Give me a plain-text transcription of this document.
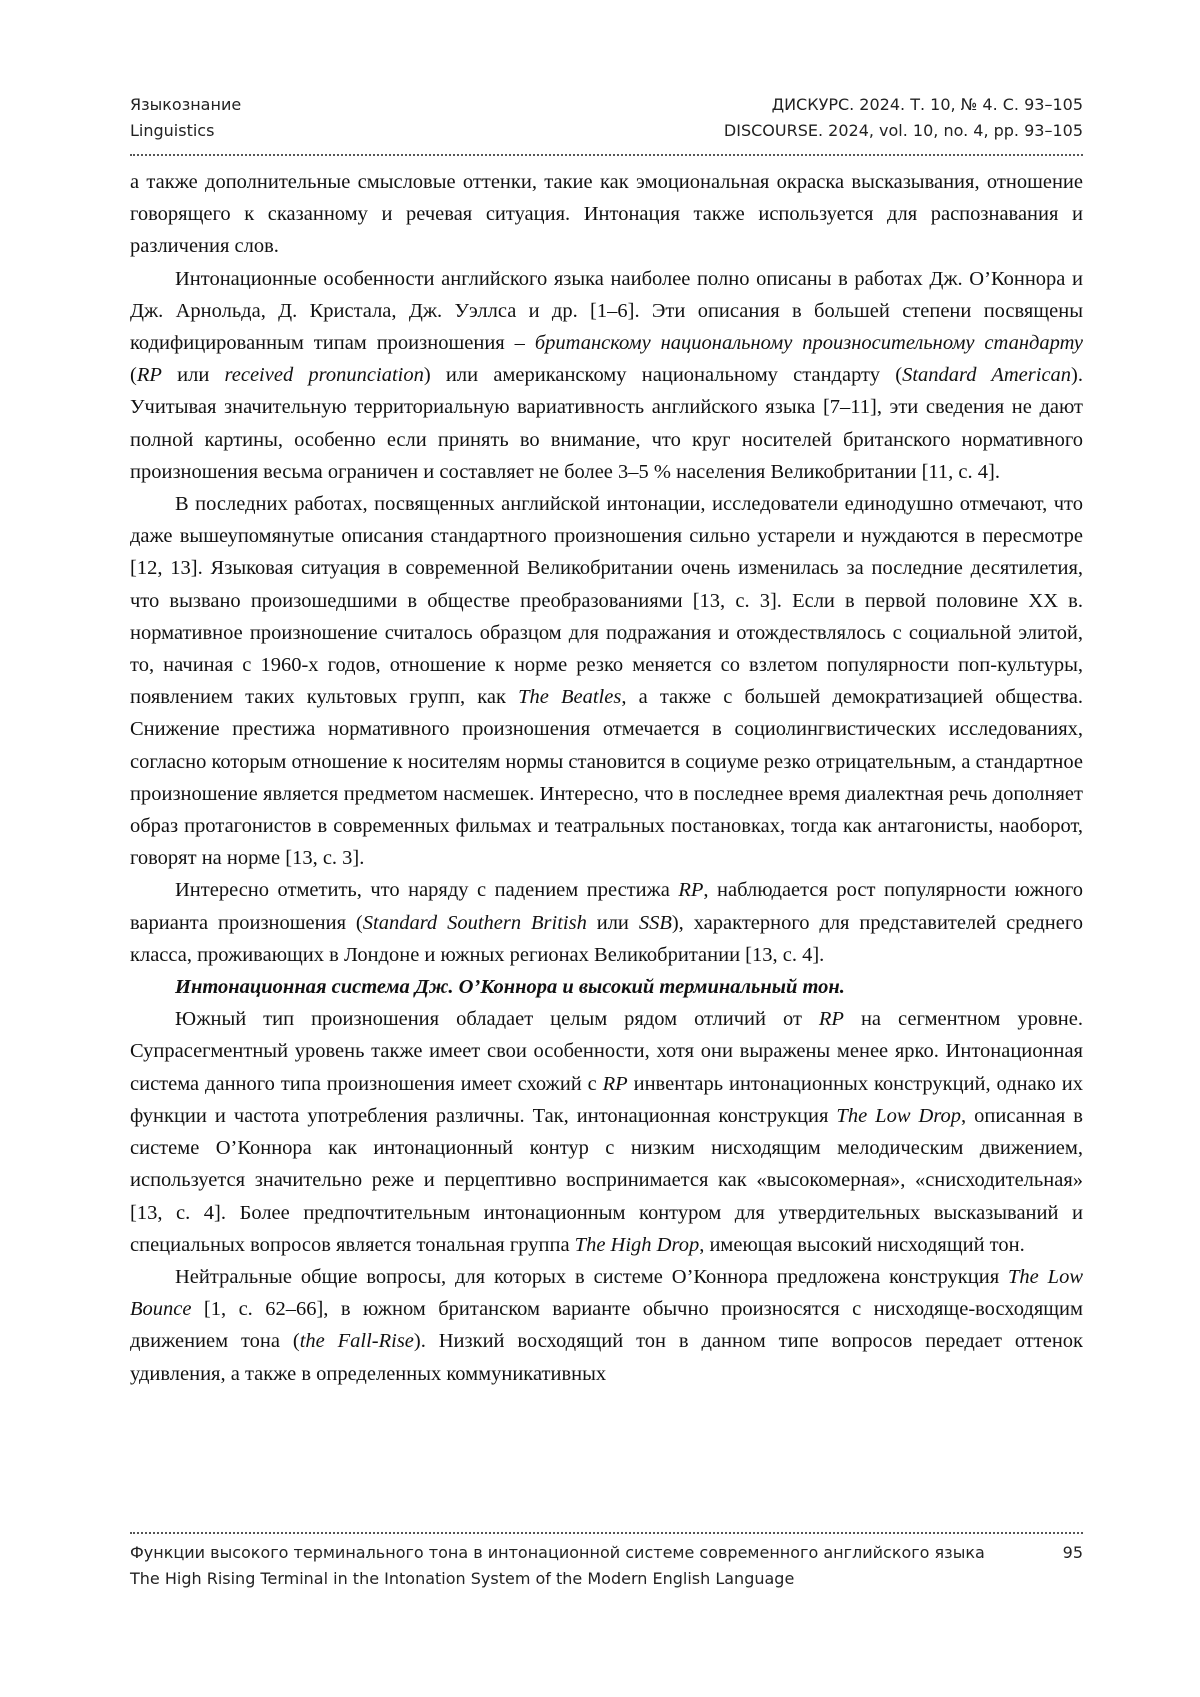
Языкознание
Linguistics
ДИСКУРС. 2024. Т. 10, № 4. С. 93–105
DISCOURSE. 2024, vol. 10, no. 4, pp. 93–105

а также дополнительные смысловые оттенки, такие как эмоциональная окраска высказывания, отношение говорящего к сказанному и речевая ситуация. Интонация также используется для распознавания и различения слов.

Интонационные особенности английского языка наиболее полно описаны в работах Дж. О’Коннора и Дж. Арнольда, Д. Кристала, Дж. Уэллса и др. [1–6]. Эти описания в большей степени посвящены кодифицированным типам произношения – британскому национальному произносительному стандарту (RP или received pronunciation) или американскому национальному стандарту (Standard American). Учитывая значительную территориальную вариативность английского языка [7–11], эти сведения не дают полной картины, особенно если принять во внимание, что круг носителей британского нормативного произношения весьма ограничен и составляет не более 3–5 % населения Великобритании [11, с. 4].

В последних работах, посвященных английской интонации, исследователи единодушно отмечают, что даже вышеупомянутые описания стандартного произношения сильно устарели и нуждаются в пересмотре [12, 13]. Языковая ситуация в современной Великобритании очень изменилась за последние десятилетия, что вызвано произошедшими в обществе преобразованиями [13, с. 3]. Если в первой половине XX в. нормативное произношение считалось образцом для подражания и отождествлялось с социальной элитой, то, начиная с 1960-х годов, отношение к норме резко меняется со взлетом популярности поп-культуры, появлением таких культовых групп, как The Beatles, а также с большей демократизацией общества. Снижение престижа нормативного произношения отмечается в социолингвистических исследованиях, согласно которым отношение к носителям нормы становится в социуме резко отрицательным, а стандартное произношение является предметом насмешек. Интересно, что в последнее время диалектная речь дополняет образ протагонистов в современных фильмах и театральных постановках, тогда как антагонисты, наоборот, говорят на норме [13, с. 3].

Интересно отметить, что наряду с падением престижа RP, наблюдается рост популярности южного варианта произношения (Standard Southern British или SSB), характерного для представителей среднего класса, проживающих в Лондоне и южных регионах Великобритании [13, с. 4].

Интонационная система Дж. О’Коннора и высокий терминальный тон.

Южный тип произношения обладает целым рядом отличий от RP на сегментном уровне. Супрасегментный уровень также имеет свои особенности, хотя они выражены менее ярко. Интонационная система данного типа произношения имеет схожий с RP инвентарь интонационных конструкций, однако их функции и частота употребления различны. Так, интонационная конструкция The Low Drop, описанная в системе О’Коннора как интонационный контур с низким нисходящим мелодическим движением, используется значительно реже и перцептивно воспринимается как «высокомерная», «снисходительная» [13, с. 4]. Более предпочтительным интонационным контуром для утвердительных высказываний и специальных вопросов является тональная группа The High Drop, имеющая высокий нисходящий тон.

Нейтральные общие вопросы, для которых в системе О’Коннора предложена конструкция The Low Bounce [1, с. 62–66], в южном британском варианте обычно произносятся с нисходяще-восходящим движением тона (the Fall-Rise). Низкий восходящий тон в данном типе вопросов передает оттенок удивления, а также в определенных коммуникативных

Функции высокого терминального тона в интонационной системе современного английского языка
The High Rising Terminal in the Intonation System of the Modern English Language
95
